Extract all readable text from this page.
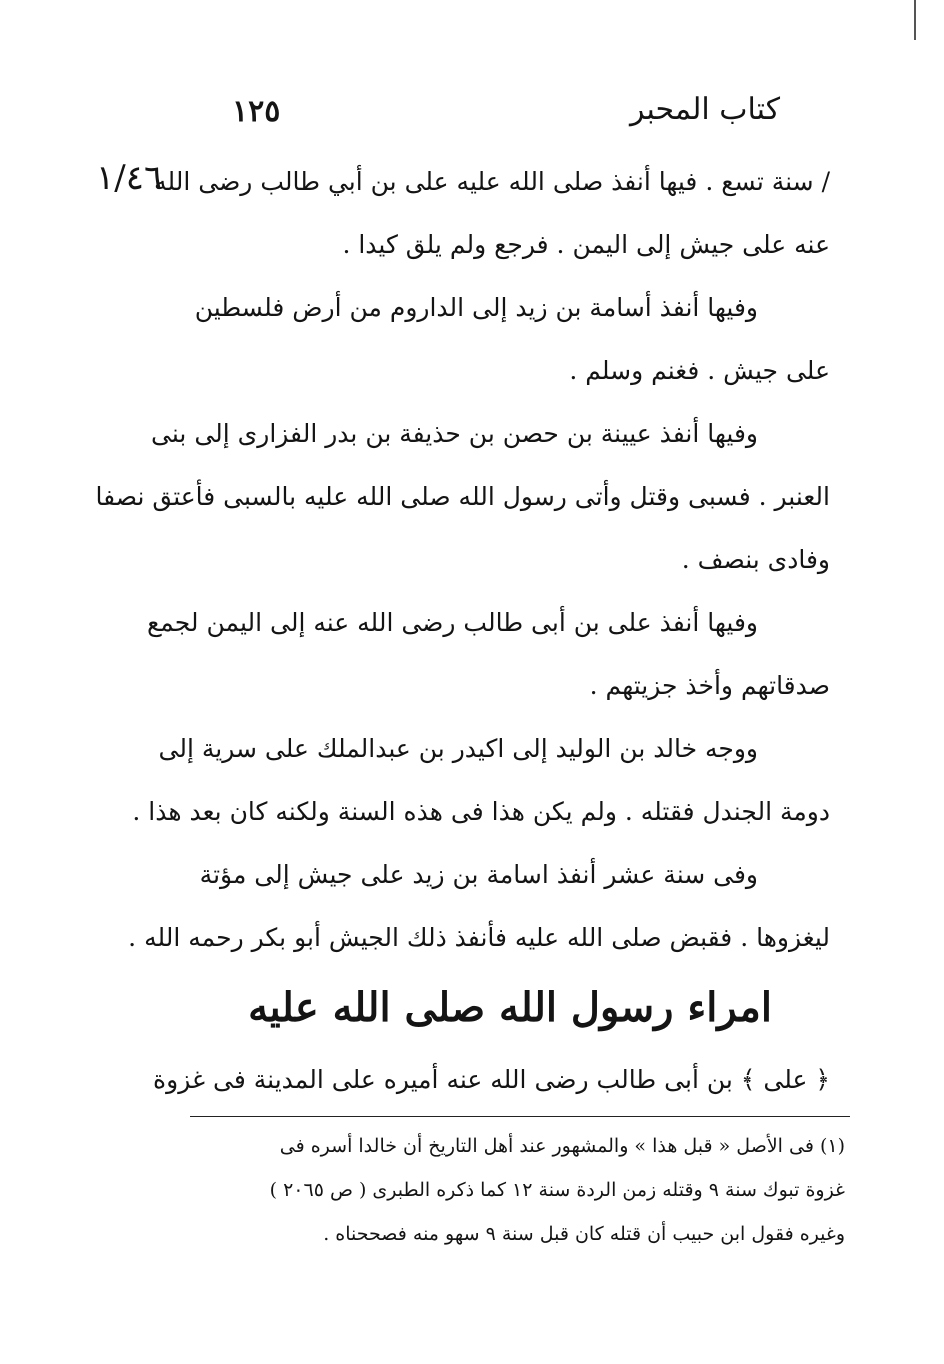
١٢٥	كتاب المحبر
١/٤٦
/ سنة تسع . فيها أنفذ صلى الله عليه على بن أبي طالب رضى الله
عنه على جيش إلى اليمن . فرجع ولم يلق كيدا .
وفيها أنفذ أسامة بن زيد إلى الداروم من أرض فلسطين
على جيش . فغنم وسلم .
وفيها أنفذ عيينة بن حصن بن حذيفة بن بدر الفزارى إلى بنى
العنبر . فسبى وقتل وأتى رسول الله صلى الله عليه بالسبى فأعتق نصفا
وفادى بنصف .
وفيها أنفذ على بن أبى طالب رضى الله عنه إلى اليمن لجمع
صدقاتهم وأخذ جزيتهم .
ووجه خالد بن الوليد إلى اكيدر بن عبدالملك على سرية إلى
دومة الجندل فقتله . ولم يكن هذا فى هذه السنة ولكنه كان بعد هذا .
وفى سنة عشر أنفذ اسامة بن زيد على جيش إلى مؤتة
ليغزوها . فقبض صلى الله عليه فأنفذ ذلك الجيش أبو بكر رحمه الله .
امراء رسول الله صلى الله عليه
﴿ على ﴾ بن أبى طالب رضى الله عنه أميره على المدينة فى غزوة
(١) فى الأصل « قبل هذا » والمشهور عند أهل التاريخ أن خالدا أسره فى
غزوة تبوك سنة ٩ وقتله زمن الردة سنة ١٢ كما ذكره الطبرى ( ص ٢٠٦٥ )
وغيره فقول ابن حبيب أن قتله كان قبل سنة ٩ سهو منه فصححناه .
